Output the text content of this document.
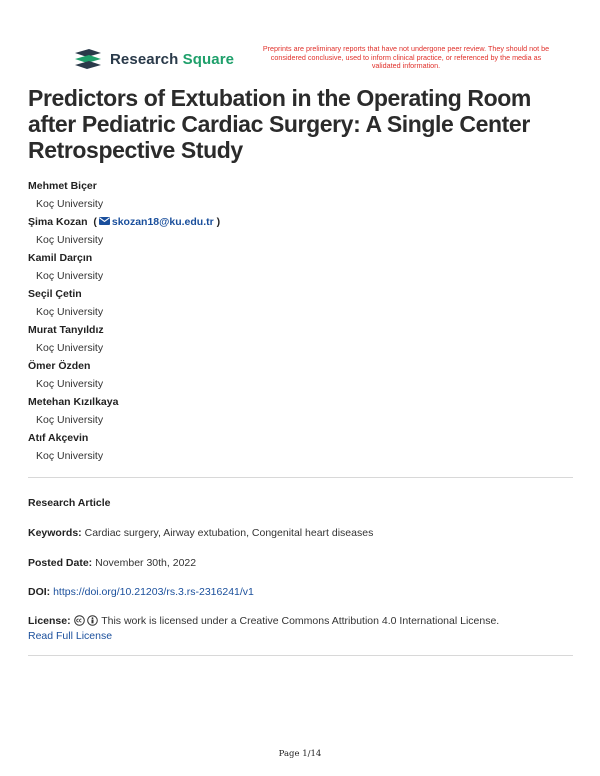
Research Square
Preprints are preliminary reports that have not undergone peer review. They should not be considered conclusive, used to inform clinical practice, or referenced by the media as validated information.
Predictors of Extubation in the Operating Room after Pediatric Cardiac Surgery: A Single Center Retrospective Study
Mehmet Biçer
Koç University
Şima Kozan  ( skozan18@ku.edu.tr )
Koç University
Kamil Darçın
Koç University
Seçil Çetin
Koç University
Murat Tanyıldız
Koç University
Ömer Özden
Koç University
Metehan Kızılkaya
Koç University
Atıf Akçevin
Koç University
Research Article
Keywords: Cardiac surgery, Airway extubation, Congenital heart diseases
Posted Date: November 30th, 2022
DOI: https://doi.org/10.21203/rs.3.rs-2316241/v1
License:	This work is licensed under a Creative Commons Attribution 4.0 International License.
Read Full License
Page 1/14
